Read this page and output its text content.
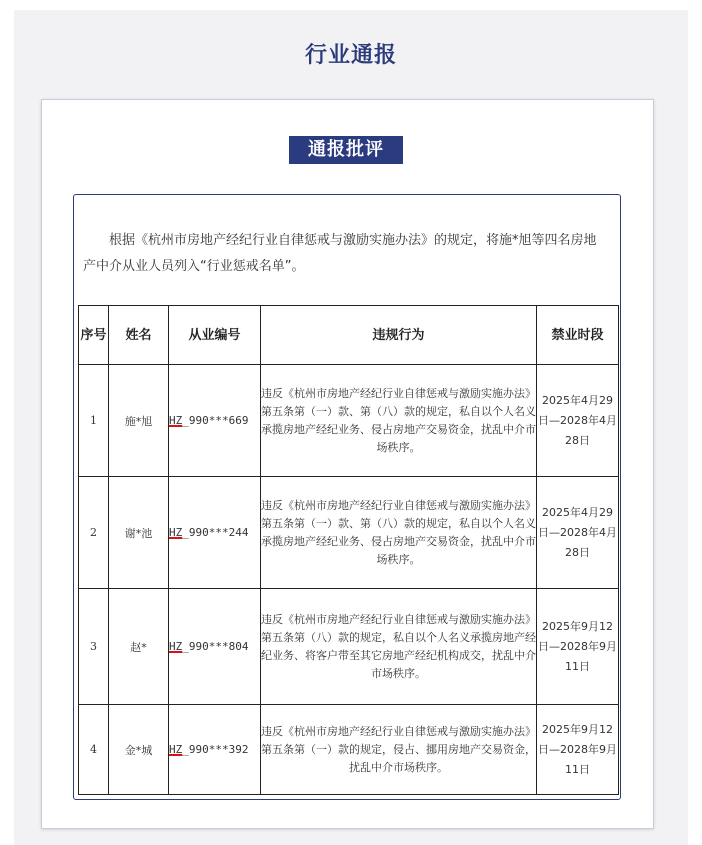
行业通报
通报批评

根据《杭州市房地产经纪行业自律惩戒与激励实施办法》的规定，将施*旭等四名房地产中介从业人员列入“行业惩戒名单”。

序号	姓名	从业编号	违规行为	禁业时段
1	施*旭	HZ_990***669	违反《杭州市房地产经纪行业自律惩戒与激励实施办法》第五条第（一）款、第（八）款的规定，私自以个人名义承揽房地产经纪业务、侵占房地产交易资金，扰乱中介市场秩序。	2025年4月29日—2028年4月28日
2	谢*池	HZ_990***244	违反《杭州市房地产经纪行业自律惩戒与激励实施办法》第五条第（一）款、第（八）款的规定，私自以个人名义承揽房地产经纪业务、侵占房地产交易资金，扰乱中介市场秩序。	2025年4月29日—2028年4月28日
3	赵*	HZ_990***804	违反《杭州市房地产经纪行业自律惩戒与激励实施办法》第五条第（八）款的规定，私自以个人名义承揽房地产经纪业务、将客户带至其它房地产经纪机构成交，扰乱中介市场秩序。	2025年9月12日—2028年9月11日
4	金*城	HZ_990***392	违反《杭州市房地产经纪行业自律惩戒与激励实施办法》第五条第（一）款的规定，侵占、挪用房地产交易资金，扰乱中介市场秩序。	2025年9月12日—2028年9月11日
